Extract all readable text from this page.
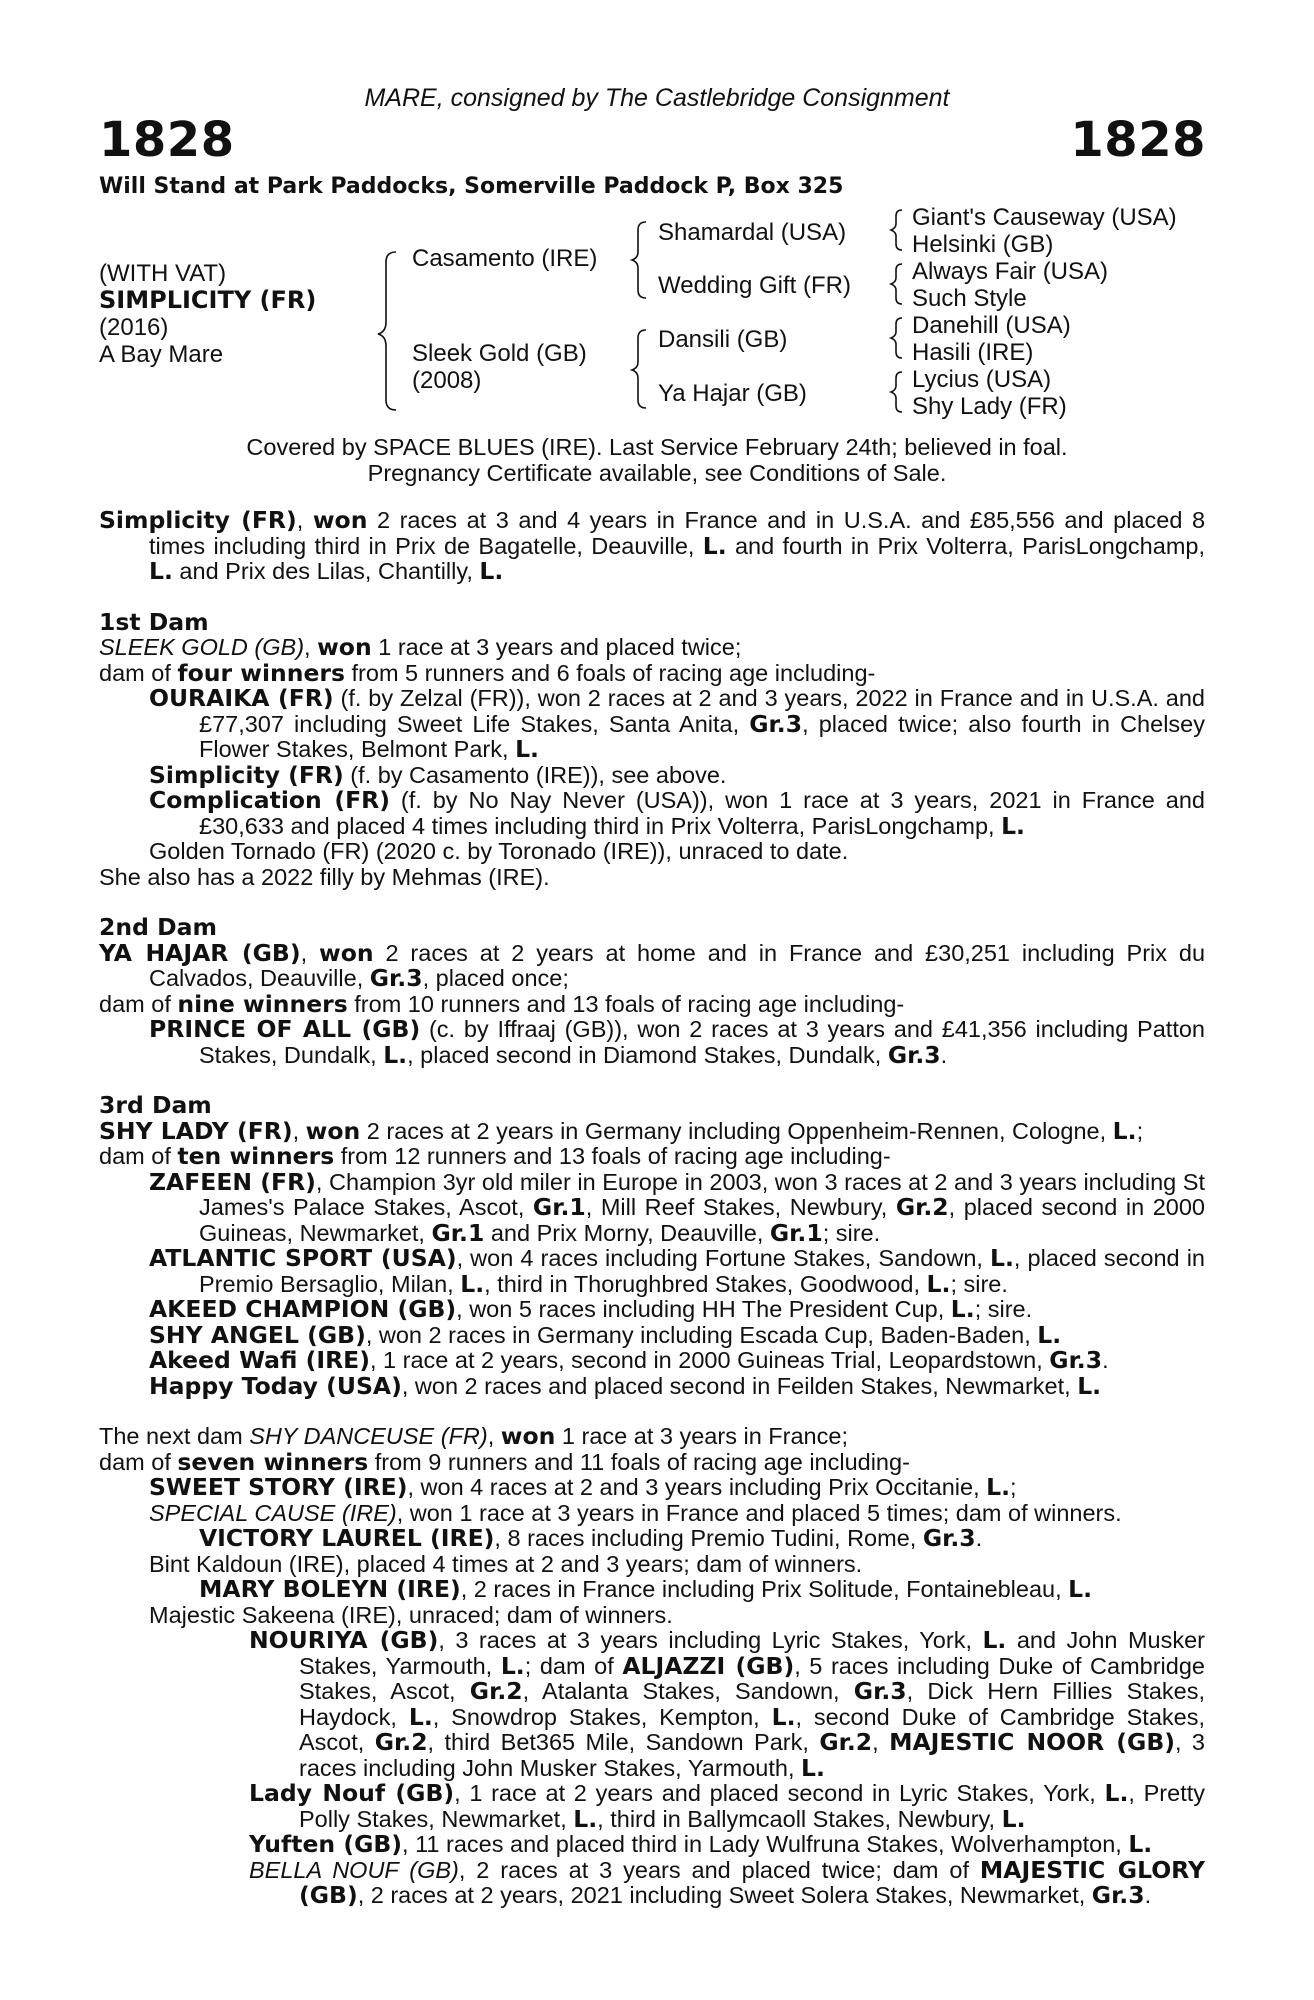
MARE, consigned by The Castlebridge Consignment
1828	1828
Will Stand at Park Paddocks, Somerville Paddock P, Box 325
(WITH VAT)
SIMPLICITY (FR)
(2016)
A Bay Mare
Casamento (IRE)
Sleek Gold (GB)
(2008)
Shamardal (USA)
Wedding Gift (FR)
Dansili (GB)
Ya Hajar (GB)
Giant's Causeway (USA)
Helsinki (GB)
Always Fair (USA)
Such Style
Danehill (USA)
Hasili (IRE)
Lycius (USA)
Shy Lady (FR)
Covered by SPACE BLUES (IRE). Last Service February 24th; believed in foal.
Pregnancy Certificate available, see Conditions of Sale.

Simplicity (FR), won 2 races at 3 and 4 years in France and in U.S.A. and £85,556 and placed 8 times including third in Prix de Bagatelle, Deauville, L. and fourth in Prix Volterra, ParisLongchamp, L. and Prix des Lilas, Chantilly, L.

1st Dam

SLEEK GOLD (GB), won 1 race at 3 years and placed twice;

dam of four winners from 5 runners and 6 foals of racing age including-

OURAIKA (FR) (f. by Zelzal (FR)), won 2 races at 2 and 3 years, 2022 in France and in U.S.A. and £77,307 including Sweet Life Stakes, Santa Anita, Gr.3, placed twice; also fourth in Chelsey Flower Stakes, Belmont Park, L.

Simplicity (FR) (f. by Casamento (IRE)), see above.

Complication (FR) (f. by No Nay Never (USA)), won 1 race at 3 years, 2021 in France and £30,633 and placed 4 times including third in Prix Volterra, ParisLongchamp, L.

Golden Tornado (FR) (2020 c. by Toronado (IRE)), unraced to date.

She also has a 2022 filly by Mehmas (IRE).

2nd Dam

YA HAJAR (GB), won 2 races at 2 years at home and in France and £30,251 including Prix du Calvados, Deauville, Gr.3, placed once;

dam of nine winners from 10 runners and 13 foals of racing age including-

PRINCE OF ALL (GB) (c. by Iffraaj (GB)), won 2 races at 3 years and £41,356 including Patton Stakes, Dundalk, L., placed second in Diamond Stakes, Dundalk, Gr.3.

3rd Dam

SHY LADY (FR), won 2 races at 2 years in Germany including Oppenheim-Rennen, Cologne, L.;

dam of ten winners from 12 runners and 13 foals of racing age including-

ZAFEEN (FR), Champion 3yr old miler in Europe in 2003, won 3 races at 2 and 3 years including St James's Palace Stakes, Ascot, Gr.1, Mill Reef Stakes, Newbury, Gr.2, placed second in 2000 Guineas, Newmarket, Gr.1 and Prix Morny, Deauville, Gr.1; sire.

ATLANTIC SPORT (USA), won 4 races including Fortune Stakes, Sandown, L., placed second in Premio Bersaglio, Milan, L., third in Thorughbred Stakes, Goodwood, L.; sire.

AKEED CHAMPION (GB), won 5 races including HH The President Cup, L.; sire.

SHY ANGEL (GB), won 2 races in Germany including Escada Cup, Baden-Baden, L.

Akeed Wafi (IRE), 1 race at 2 years, second in 2000 Guineas Trial, Leopardstown, Gr.3.

Happy Today (USA), won 2 races and placed second in Feilden Stakes, Newmarket, L.

The next dam SHY DANCEUSE (FR), won 1 race at 3 years in France;

dam of seven winners from 9 runners and 11 foals of racing age including-

SWEET STORY (IRE), won 4 races at 2 and 3 years including Prix Occitanie, L.;

SPECIAL CAUSE (IRE), won 1 race at 3 years in France and placed 5 times; dam of winners.

VICTORY LAUREL (IRE), 8 races including Premio Tudini, Rome, Gr.3.

Bint Kaldoun (IRE), placed 4 times at 2 and 3 years; dam of winners.

MARY BOLEYN (IRE), 2 races in France including Prix Solitude, Fontainebleau, L.

Majestic Sakeena (IRE), unraced; dam of winners.

NOURIYA (GB), 3 races at 3 years including Lyric Stakes, York, L. and John Musker Stakes, Yarmouth, L.; dam of ALJAZZI (GB), 5 races including Duke of Cambridge Stakes, Ascot, Gr.2, Atalanta Stakes, Sandown, Gr.3, Dick Hern Fillies Stakes, Haydock, L., Snowdrop Stakes, Kempton, L., second Duke of Cambridge Stakes, Ascot, Gr.2, third Bet365 Mile, Sandown Park, Gr.2, MAJESTIC NOOR (GB), 3 races including John Musker Stakes, Yarmouth, L.

Lady Nouf (GB), 1 race at 2 years and placed second in Lyric Stakes, York, L., Pretty Polly Stakes, Newmarket, L., third in Ballymcaoll Stakes, Newbury, L.

Yuften (GB), 11 races and placed third in Lady Wulfruna Stakes, Wolverhampton, L.

BELLA NOUF (GB), 2 races at 3 years and placed twice; dam of MAJESTIC GLORY (GB), 2 races at 2 years, 2021 including Sweet Solera Stakes, Newmarket, Gr.3.
